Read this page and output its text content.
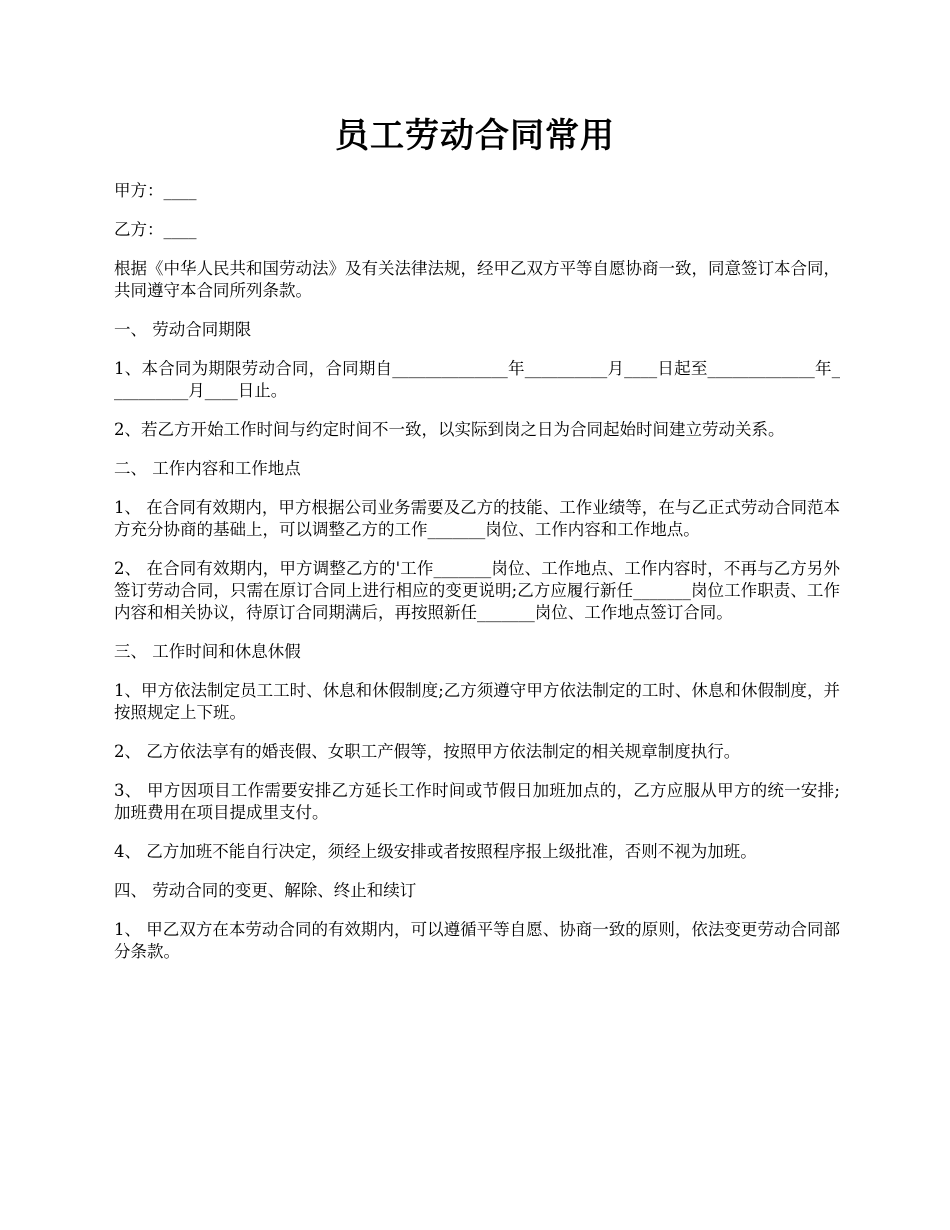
员工劳动合同常用

甲方：____

乙方：____

根据《中华人民共和国劳动法》及有关法律法规，经甲乙双方平等自愿协商一致，同意签订本合同，共同遵守本合同所列条款。

一、 劳动合同期限

1、本合同为期限劳动合同，合同期自______________年__________月____日起至_____________年__________月____日止。

2、若乙方开始工作时间与约定时间不一致，以实际到岗之日为合同起始时间建立劳动关系。

二、 工作内容和工作地点

1、 在合同有效期内，甲方根据公司业务需要及乙方的技能、工作业绩等，在与乙正式劳动合同范本方充分协商的基础上，可以调整乙方的工作_______岗位、工作内容和工作地点。

2、 在合同有效期内，甲方调整乙方的'工作_______岗位、工作地点、工作内容时，不再与乙方另外签订劳动合同，只需在原订合同上进行相应的变更说明;乙方应履行新任_______岗位工作职责、工作内容和相关协议，待原订合同期满后，再按照新任_______岗位、工作地点签订合同。

三、 工作时间和休息休假

1、甲方依法制定员工工时、休息和休假制度;乙方须遵守甲方依法制定的工时、休息和休假制度，并按照规定上下班。

2、 乙方依法享有的婚丧假、女职工产假等，按照甲方依法制定的相关规章制度执行。

3、 甲方因项目工作需要安排乙方延长工作时间或节假日加班加点的，乙方应服从甲方的统一安排;加班费用在项目提成里支付。

4、 乙方加班不能自行决定，须经上级安排或者按照程序报上级批准，否则不视为加班。

四、 劳动合同的变更、解除、终止和续订

1、 甲乙双方在本劳动合同的有效期内，可以遵循平等自愿、协商一致的原则，依法变更劳动合同部分条款。
